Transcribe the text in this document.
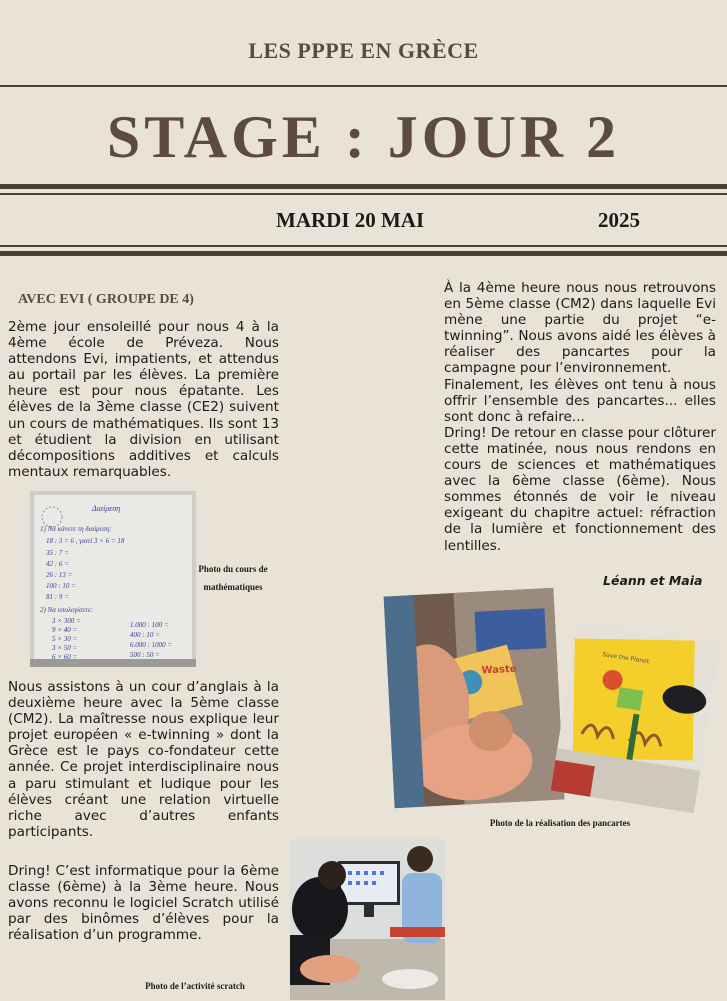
LES PPPE EN GRÈCE
STAGE : JOUR 2
MARDI 20 MAI	2025
AVEC EVI ( GROUPE DE 4)
2ème jour ensoleillé pour nous 4 à la 4ème école de Préveza. Nous attendons Evi, impatients, et attendus au portail par les élèves. La première heure est pour nous épatante. Les élèves de la 3ème classe (CE2) suivent un cours de mathématiques. Ils sont 13 et étudient la division en utilisant décompositions additives et calculs mentaux remarquables.
Διαίρεση
1) Να κάνετε τη διαίρεση:
18 : 3 = 6 , γιατί 3 × 6 = 18
35 : 7 =
42 : 6 =
26 : 13 =
100 : 10 =
81 : 9 =
2) Να υπολογίσετε:
3 × 300 =
9 × 40 =
5 × 30 =
3 × 50 =
6 × 60 =
1.000 : 100 =
400 : 10 =
6.000 : 1000 =
500 : 50 =
Photo du cours de mathématiques
Nous assistons à un cour d’anglais à la deuxième heure avec la 5ème classe (CM2). La maîtresse nous explique leur projet européen « e-twinning » dont la Grèce est le pays co-fondateur cette année. Ce projet interdisciplinaire nous a paru stimulant et ludique pour les élèves créant une relation virtuelle riche avec d’autres enfants participants.
Dring! C’est informatique pour la 6ème classe (6ème) à la 3ème heure. Nous avons reconnu le logiciel Scratch utilisé par des binômes d’élèves pour la réalisation d’un programme.
Photo de l’activité scratch
À la 4ème heure nous nous retrouvons en 5ème classe (CM2) dans laquelle Evi mène une partie du projet “e-twinning”. Nous avons aidé les élèves à réaliser des pancartes pour la campagne pour l’environnement.
Finalement, les élèves ont tenu à nous offrir l’ensemble des pancartes... elles sont donc à refaire...
Dring! De retour en classe pour clôturer cette matinée, nous nous rendons en cours de sciences et mathématiques avec la 6ème classe (6ème). Nous sommes étonnés de voir le niveau exigeant du chapitre actuel: réfraction de la lumière et fonctionnement des lentilles.
Léann et Maia
Waste
Save the Planet
Photo de la réalisation des pancartes
